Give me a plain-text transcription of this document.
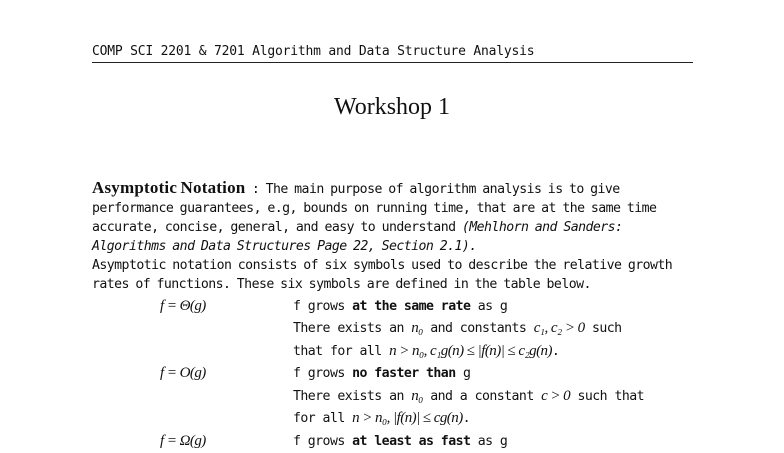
COMP SCI 2201 & 7201 Algorithm and Data Structure Analysis
Workshop 1
Asymptotic Notation : The main purpose of algorithm analysis is to give performance guarantees, e.g, bounds on running time, that are at the same time accurate, concise, general, and easy to understand (Mehlhorn and Sanders: Algorithms and Data Structures Page 22, Section 2.1).
Asymptotic notation consists of six symbols used to describe the relative growth rates of functions. These six symbols are defined in the table below.
f = Θ(g)	f grows at the same rate as g
There exists an n₀ and constants c₁, c₂ > 0 such
that for all n > n₀, c₁g(n) ≤ |f(n)| ≤ c₂g(n).
f = O(g)	f grows no faster than g
There exists an n₀ and a constant c > 0 such that
for all n > n₀, |f(n)| ≤ cg(n).
f = Ω(g)	f grows at least as fast as g
